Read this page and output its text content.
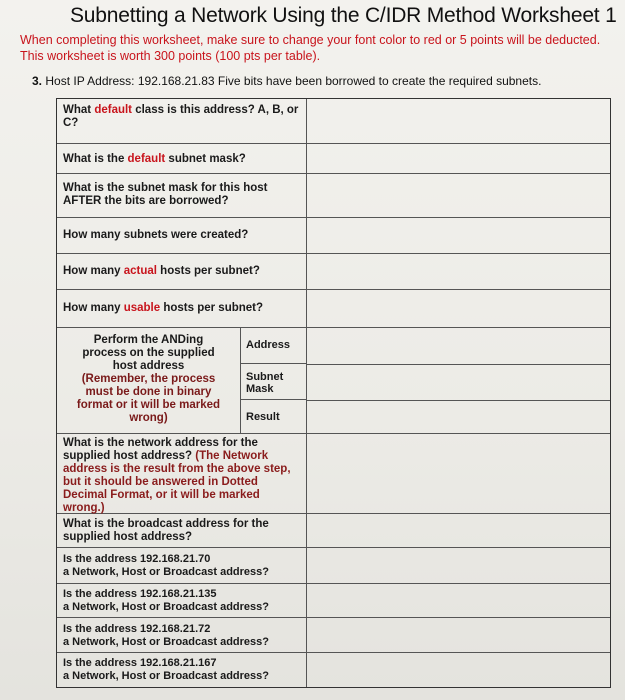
Subnetting a Network Using the C/IDR Method Worksheet 1
When completing this worksheet, make sure to change your font color to red or 5 points will be deducted. This worksheet is worth 300 points (100 pts per table).
3. Host IP Address: 192.168.21.83 Five bits have been borrowed to create the required subnets.
What default class is this address? A, B, or C?
What is the default subnet mask?
What is the subnet mask for this host AFTER the bits are borrowed?
How many subnets were created?
How many actual hosts per subnet?
How many usable hosts per subnet?
Perform the ANDing process on the supplied host address
(Remember, the process must be done in binary format or it will be marked wrong)
Address
Subnet Mask
Result
What is the network address for the supplied host address? (The Network address is the result from the above step, but it should be answered in Dotted Decimal Format, or it will be marked wrong.)
What is the broadcast address for the supplied host address?
Is the address 192.168.21.70
a Network, Host or Broadcast address?
Is the address 192.168.21.135
a Network, Host or Broadcast address?
Is the address 192.168.21.72
a Network, Host or Broadcast address?
Is the address 192.168.21.167
a Network, Host or Broadcast address?
